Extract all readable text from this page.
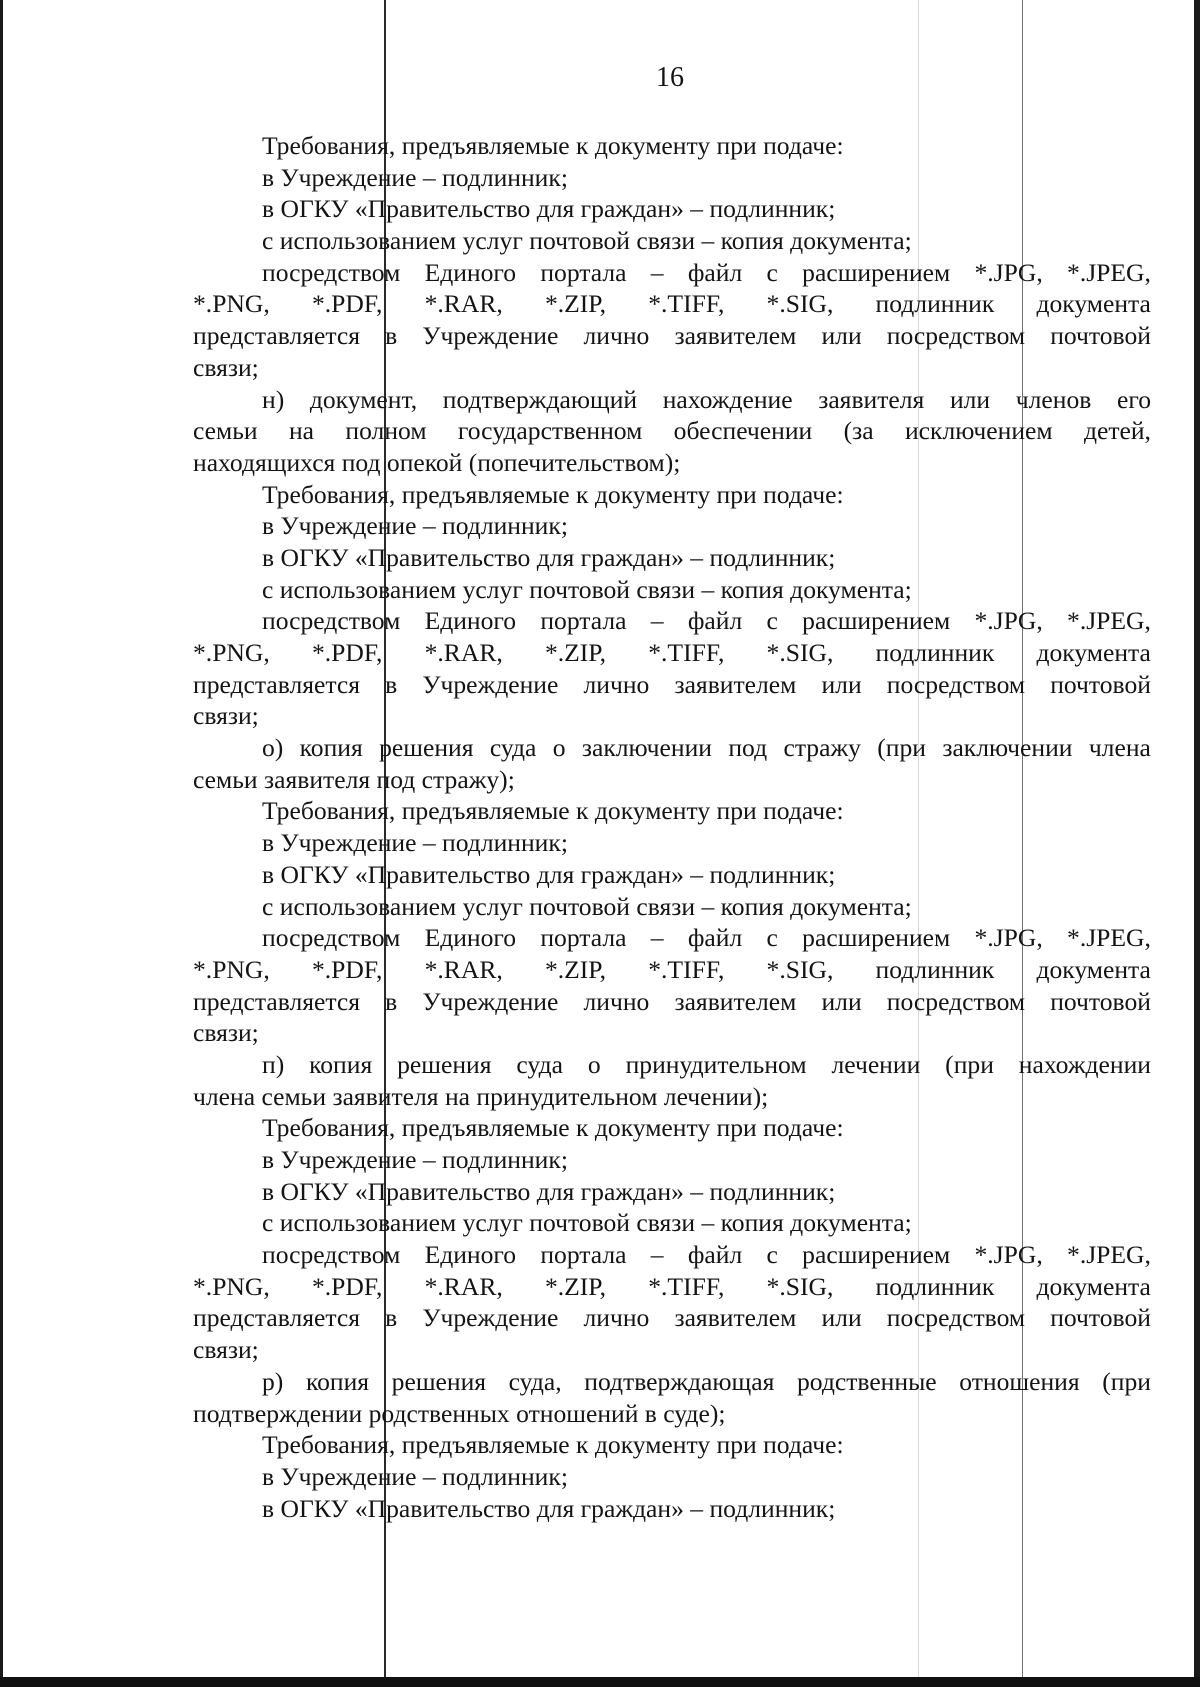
16
Требования, предъявляемые к документу при подаче:
в Учреждение – подлинник;
в ОГКУ «Правительство для граждан» – подлинник;
с использованием услуг почтовой связи – копия документа;
посредством Единого портала – файл с расширением *.JPG, *.JPEG,
*.PNG, *.PDF, *.RAR, *.ZIP, *.TIFF, *.SIG, подлинник документа
представляется в Учреждение лично заявителем или посредством почтовой
связи;
н) документ, подтверждающий нахождение заявителя или членов его
семьи на полном государственном обеспечении (за исключением детей,
находящихся под опекой (попечительством);
Требования, предъявляемые к документу при подаче:
в Учреждение – подлинник;
в ОГКУ «Правительство для граждан» – подлинник;
с использованием услуг почтовой связи – копия документа;
посредством Единого портала – файл с расширением *.JPG, *.JPEG,
*.PNG, *.PDF, *.RAR, *.ZIP, *.TIFF, *.SIG, подлинник документа
представляется в Учреждение лично заявителем или посредством почтовой
связи;
о) копия решения суда о заключении под стражу (при заключении члена
семьи заявителя под стражу);
Требования, предъявляемые к документу при подаче:
в Учреждение – подлинник;
в ОГКУ «Правительство для граждан» – подлинник;
с использованием услуг почтовой связи – копия документа;
посредством Единого портала – файл с расширением *.JPG, *.JPEG,
*.PNG, *.PDF, *.RAR, *.ZIP, *.TIFF, *.SIG, подлинник документа
представляется в Учреждение лично заявителем или посредством почтовой
связи;
п) копия решения суда о принудительном лечении (при нахождении
члена семьи заявителя на принудительном лечении);
Требования, предъявляемые к документу при подаче:
в Учреждение – подлинник;
в ОГКУ «Правительство для граждан» – подлинник;
с использованием услуг почтовой связи – копия документа;
посредством Единого портала – файл с расширением *.JPG, *.JPEG,
*.PNG, *.PDF, *.RAR, *.ZIP, *.TIFF, *.SIG, подлинник документа
представляется в Учреждение лично заявителем или посредством почтовой
связи;
р) копия решения суда, подтверждающая родственные отношения (при
подтверждении родственных отношений в суде);
Требования, предъявляемые к документу при подаче:
в Учреждение – подлинник;
в ОГКУ «Правительство для граждан» – подлинник;
